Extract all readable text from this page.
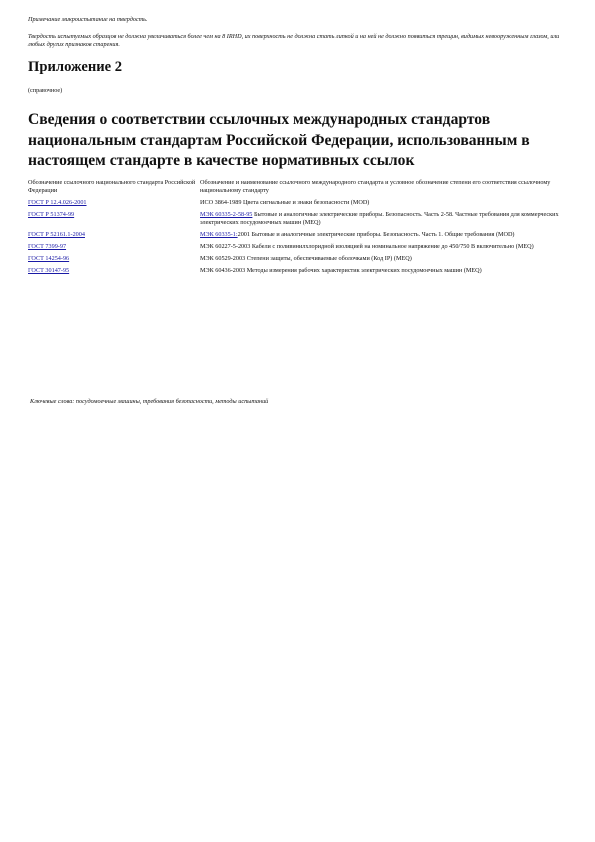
Примечание микроиспытание на твердость.

Твердость испытуемых образцов не должна увеличиваться более чем на 8 IRHD, их поверхность не должна стать липкой и на ней не должно появиться трещин, видимых невооруженным глазом, или любых других признаков старения.

Приложение 2

(справочное)

Сведения о соответствии ссылочных международных стандартов национальным стандартам Российской Федерации, использованным в настоящем стандарте в качестве нормативных ссылок
Обозначение ссылочного национального стандарта Российской Федерации	Обозначение и наименование ссылочного международного стандарта и условное обозначение степени его соответствия ссылочному национальному стандарту
ГОСТ Р 12.4.026-2001	ИСО 3864-1989 Цвета сигнальные и знаки безопасности (MOD)
ГОСТ Р 51374-99	МЭК 60335-2-58-95 Бытовые и аналогичные электрические приборы. Безопасность. Часть 2-58. Частные требования для коммерческих электрических посудомоечных машин (MEQ)
ГОСТ Р 52161.1-2004	МЭК 60335-1:2001 Бытовые и аналогичные электрические приборы. Безопасность. Часть 1. Общие требования (MOD)
ГОСТ 7399-97	МЭК 60227-5-2003 Кабели с поливинилхлоридной изоляцией на номинальное напряжение до 450/750 В включительно (MEQ)
ГОСТ 14254-96	МЭК 60529-2003 Степени защиты, обеспечиваемые оболочками (Код IP) (MEQ)
ГОСТ 30147-95	МЭК 60436-2003 Методы измерения рабочих характеристик электрических посудомоечных машин (MEQ)

Ключевые слова: посудомоечные машины, требования безопасности, методы испытаний
